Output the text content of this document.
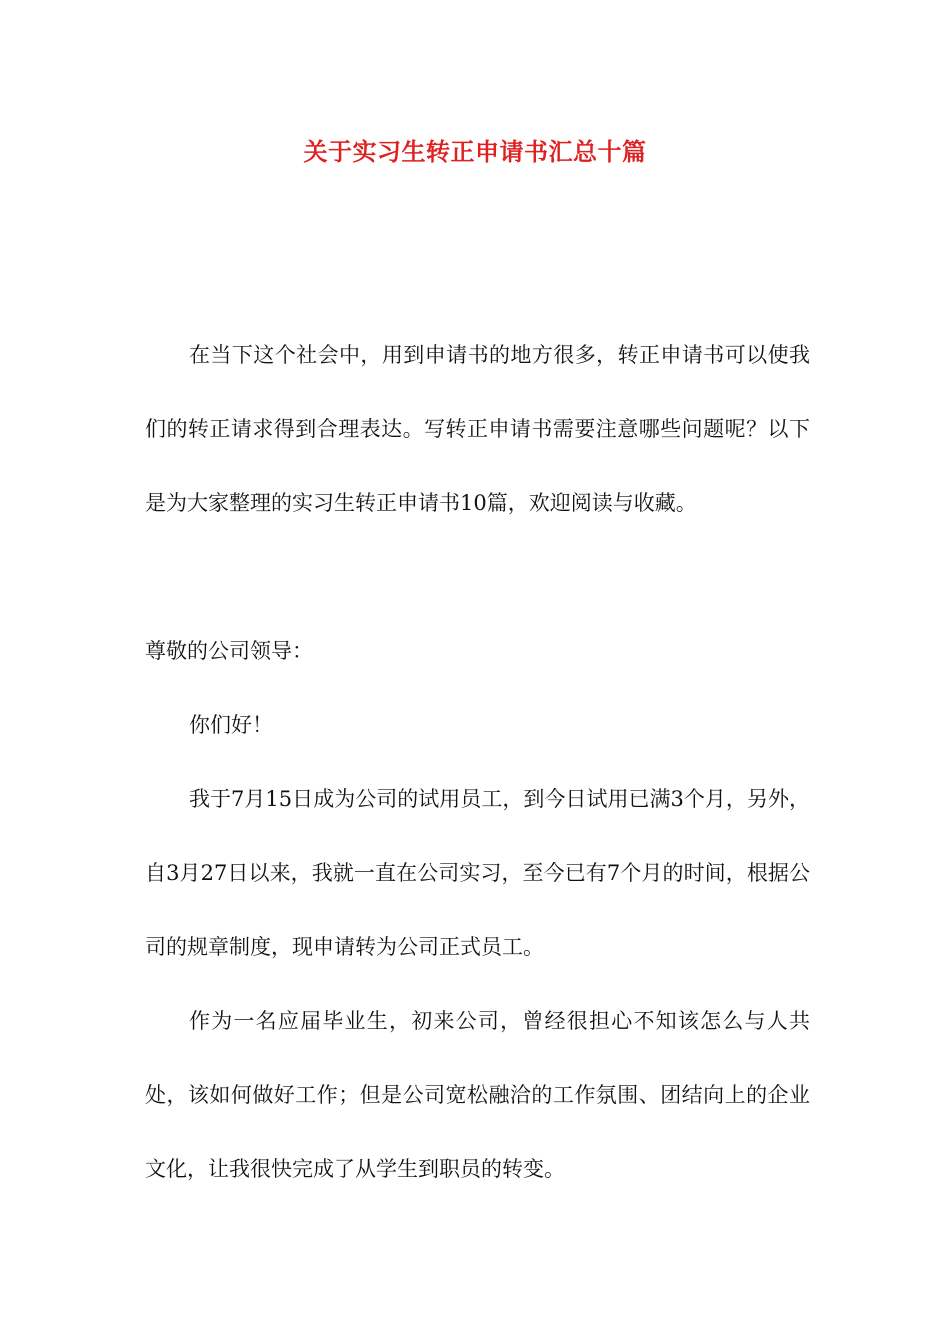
关于实习生转正申请书汇总十篇

在当下这个社会中，用到申请书的地方很多，转正申请书可以使我们的转正请求得到合理表达。写转正申请书需要注意哪些问题呢？以下是为大家整理的实习生转正申请书10篇，欢迎阅读与收藏。

尊敬的公司领导：

你们好！

我于7月15日成为公司的试用员工，到今日试用已满3个月，另外，自3月27日以来，我就一直在公司实习，至今已有7个月的时间，根据公司的规章制度，现申请转为公司正式员工。

作为一名应届毕业生，初来公司，曾经很担心不知该怎么与人共处，该如何做好工作；但是公司宽松融洽的工作氛围、团结向上的企业文化，让我很快完成了从学生到职员的转变。
